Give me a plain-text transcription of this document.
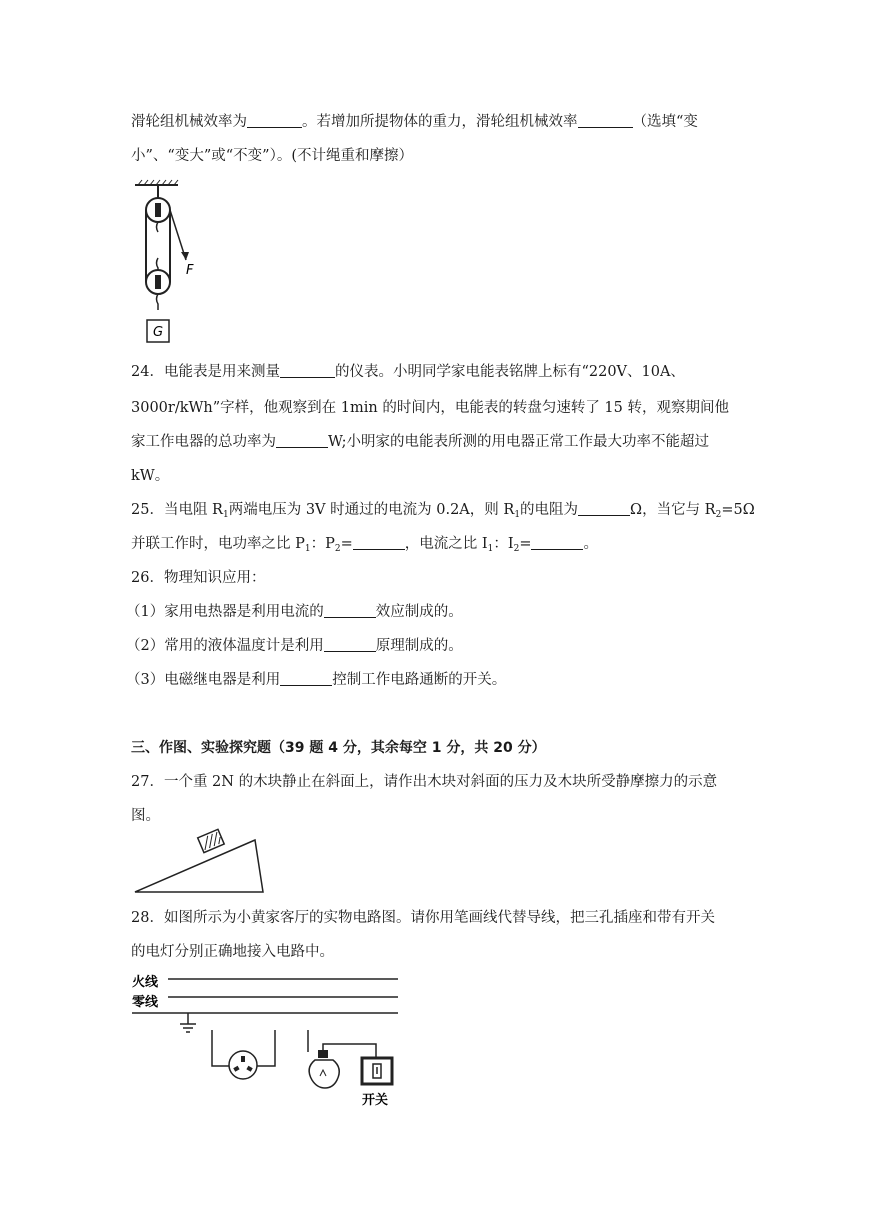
滑轮组机械效率为	。若增加所提物体的重力，滑轮组机械效率	（选填“变
小”、“变大”或“不变”）。(不计绳重和摩擦）
F
G
24．电能表是用来测量	的仪表。小明同学家电能表铭牌上标有“220V、10A、
3000r/kWh”字样，他观察到在 1min 的时间内，电能表的转盘匀速转了 15 转，观察期间他
家工作电器的总功率为	W;小明家的电能表所测的用电器正常工作最大功率不能超过
kW。
25．当电阻 $R_1$两端电压为 3V 时通过的电流为 0.2A，则 $R_1$的电阻为	Ω，当它与 $R_2=5\Omega$
并联工作时，电功率之比 $P_1$：$P_2=$	，电流之比 $I_1$：$I_2=$	。
26．物理知识应用：
（1）家用电热器是利用电流的	效应制成的。
（2）常用的液体温度计是利用	原理制成的。
（3）电磁继电器是利用	控制工作电路通断的开关。
三、作图、实验探究题（39 题 4 分，其余每空 1 分，共 20 分）
27．一个重 2N 的木块静止在斜面上，请作出木块对斜面的压力及木块所受静摩擦力的示意
图。
28．如图所示为小黄家客厅的实物电路图。请你用笔画线代替导线，把三孔插座和带有开关
的电灯分别正确地接入电路中。
火线
零线
开关
